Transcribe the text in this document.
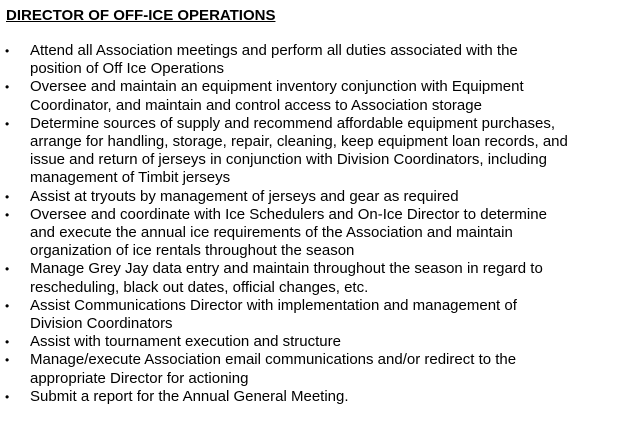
DIRECTOR OF OFF-ICE OPERATIONS
• Attend all Association meetings and perform all duties associated with the
position of Off Ice Operations
• Oversee and maintain an equipment inventory conjunction with Equipment
Coordinator, and maintain and control access to Association storage
• Determine sources of supply and recommend affordable equipment purchases,
arrange for handling, storage, repair, cleaning, keep equipment loan records, and
issue and return of jerseys in conjunction with Division Coordinators, including
management of Timbit jerseys
• Assist at tryouts by management of jerseys and gear as required
• Oversee and coordinate with Ice Schedulers and On-Ice Director to determine
and execute the annual ice requirements of the Association and maintain
organization of ice rentals throughout the season
• Manage Grey Jay data entry and maintain throughout the season in regard to
rescheduling, black out dates, official changes, etc.
• Assist Communications Director with implementation and management of
Division Coordinators
• Assist with tournament execution and structure
• Manage/execute Association email communications and/or redirect to the
appropriate Director for actioning
• Submit a report for the Annual General Meeting.
